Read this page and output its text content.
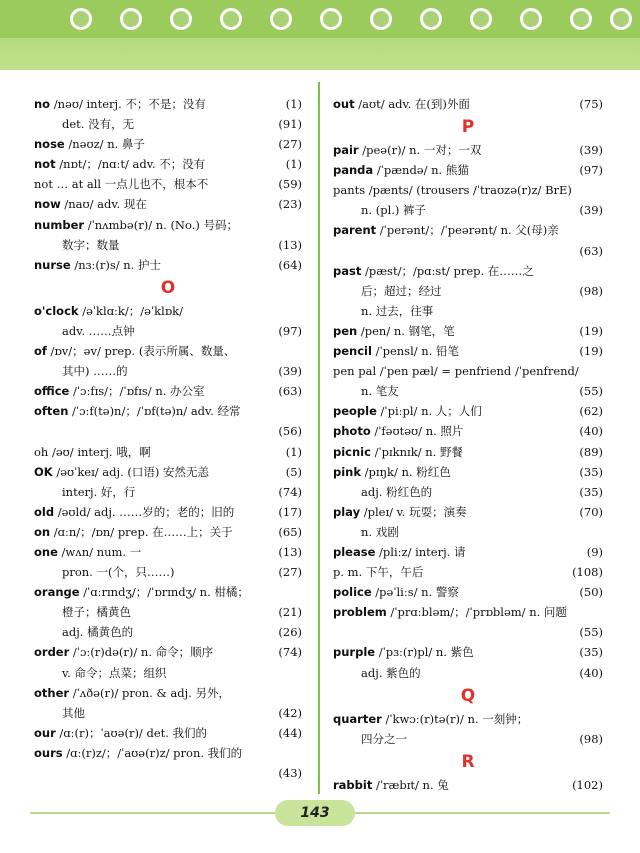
no /nəʊ/ interj. 不；不是；没有	(1)
det. 没有，无	(91)
nose /nəʊz/ n. 鼻子	(27)
not /nɒt/；/nɑːt/ adv. 不；没有	(1)
not … at all 一点儿也不，根本不	(59)
now /naʊ/ adv. 现在	(23)
number /ˈnʌmbə(r)/ n. (No.) 号码；
数字；数量	(13)
nurse /nɜː(r)s/ n. 护士	(64)
O
o'clock /əˈklɑːk/；/əˈklɒk/
adv. ……点钟	(97)
of /ɒv/；əv/ prep. (表示所属、数量、
其中) ……的	(39)
office /ˈɔːfɪs/；/ˈɒfɪs/ n. 办公室	(63)
often /ˈɔːf(tə)n/；/ˈɒf(tə)n/ adv. 经常

(56)
oh /əʊ/ interj. 哦，啊	(1)
OK /əʊˈkeɪ/ adj. (口语) 安然无恙	(5)
interj. 好，行	(74)
old /əʊld/ adj. ……岁的；老的；旧的	(17)
on /ɑːn/；/ɒn/ prep. 在……上；关于	(65)
one /wʌn/ num. 一	(13)
pron. 一(个，只……)	(27)
orange /ˈɑːrɪndʒ/；/ˈɒrɪndʒ/ n. 柑橘；
橙子；橘黄色	(21)
adj. 橘黄色的	(26)
order /ˈɔː(r)də(r)/ n. 命令；顺序	(74)
v. 命令；点菜；组织
other /ˈʌðə(r)/ pron. & adj. 另外，
其他	(42)
our /ɑː(r)；ˈaʊə(r)/ det. 我们的	(44)
ours /ɑː(r)z/；/ˈaʊə(r)z/ pron. 我们的

(43)
out /aʊt/ adv. 在(到)外面	(75)
P
pair /peə(r)/ n. 一对；一双	(39)
panda /ˈpændə/ n. 熊猫	(97)
pants /pænts/ (trousers /ˈtraʊzə(r)z/ BrE)
n. (pl.) 裤子	(39)
parent /ˈperənt/；/ˈpeərənt/ n. 父(母)亲

(63)
past /pæst/；/pɑːst/ prep. 在……之
后；超过；经过	(98)
n. 过去，往事
pen /pen/ n. 钢笔，笔	(19)
pencil /ˈpensl/ n. 铅笔	(19)
pen pal /ˈpen pæl/ = penfriend /ˈpenfrend/
n. 笔友	(55)
people /ˈpiːpl/ n. 人；人们	(62)
photo /ˈfəʊtəʊ/ n. 照片	(40)
picnic /ˈpɪknɪk/ n. 野餐	(89)
pink /pɪŋk/ n. 粉红色	(35)
adj. 粉红色的	(35)
play /pleɪ/ v. 玩耍；演奏	(70)
n. 戏剧
please /pliːz/ interj. 请	(9)
p. m. 下午，午后	(108)
police /pəˈliːs/ n. 警察	(50)
problem /ˈprɑːbləm/；/ˈprɒbləm/ n. 问题

(55)
purple /ˈpɜː(r)pl/ n. 紫色	(35)
adj. 紫色的	(40)
Q
quarter /ˈkwɔː(r)tə(r)/ n. 一刻钟；
四分之一	(98)
R
rabbit /ˈræbɪt/ n. 兔	(102)
143
